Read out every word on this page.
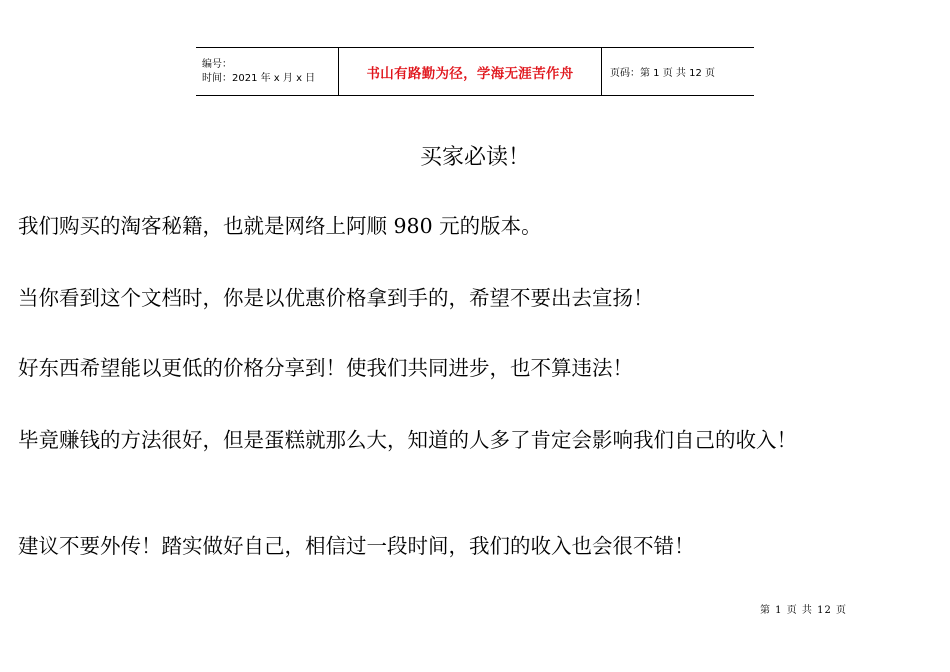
编号：
时间：2021 年 x 月 x 日	书山有路勤为径，学海无涯苦作舟	页码：第 1 页 共 12 页
买家必读！

我们购买的淘客秘籍，也就是网络上阿顺 980 元的版本。

当你看到这个文档时，你是以优惠价格拿到手的，希望不要出去宣扬！

好东西希望能以更低的价格分享到！使我们共同进步，也不算违法！

毕竟赚钱的方法很好，但是蛋糕就那么大，知道的人多了肯定会影响我们自己的收入！

建议不要外传！踏实做好自己，相信过一段时间，我们的收入也会很不错！

第 1 页 共 12 页
